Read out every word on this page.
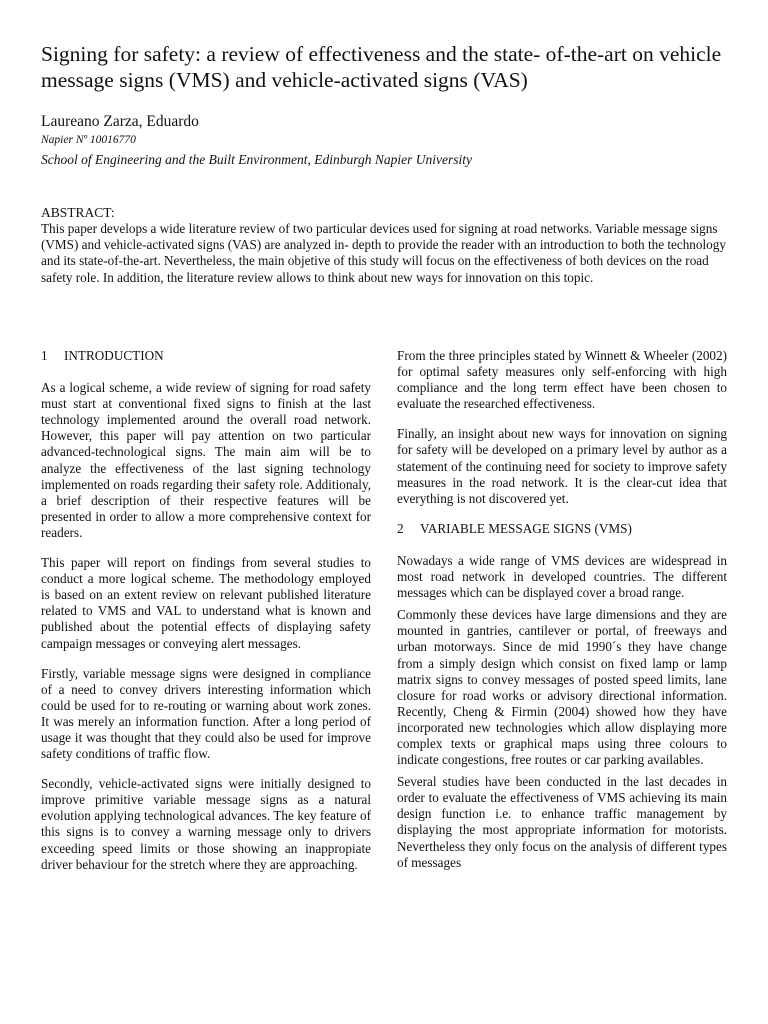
Signing for safety: a review of effectiveness and the state- of-the-art on vehicle message signs (VMS) and vehicle-activated signs (VAS)

Laureano Zarza, Eduardo

Napier Nº 10016770

School of Engineering and the Built Environment, Edinburgh Napier University

ABSTRACT:

This paper develops a wide literature review of two particular devices used for signing at road networks. Variable message signs (VMS) and vehicle-activated signs (VAS) are analyzed in- depth to provide the reader with an introduction to both the technology and its state-of-the-art. Nevertheless, the main objetive of this study will focus on the effectiveness of both devices on the road safety role. In addition, the literature review allows to think about new ways for innovation on this topic.

1 INTRODUCTION

As a logical scheme, a wide review of signing for road safety must start at conventional fixed signs to finish at the last technology implemented around the overall road network. However, this paper will pay attention on two particular advanced-technological signs. The main aim will be to analyze the effectiveness of the last signing technology implemented on roads regarding their safety role. Additionaly, a brief description of their respective features will be presented in order to allow a more comprehensive context for readers.

This paper will report on findings from several studies to conduct a more logical scheme. The methodology employed is based on an extent review on relevant published literature related to VMS and VAL to understand what is known and published about the potential effects of displaying safety campaign messages or conveying alert messages.

Firstly, variable message signs were designed in compliance of a need to convey drivers interesting information which could be used for to re-routing or warning about work zones. It was merely an information function. After a long period of usage it was thought that they could also be used for improve safety conditions of traffic flow.

Secondly, vehicle-activated signs were initially designed to improve primitive variable message signs as a natural evolution applying technological advances. The key feature of this signs is to convey a warning message only to drivers exceeding speed limits or those showing an inappropiate driver behaviour for the stretch where they are approaching.

From the three principles stated by Winnett & Wheeler (2002) for optimal safety measures only self-enforcing with high compliance and the long term effect have been chosen to evaluate the researched effectiveness.

Finally, an insight about new ways for innovation on signing for safety will be developed on a primary level by author as a statement of the continuing need for society to improve safety measures in the road network. It is the clear-cut idea that everything is not discovered yet.

2 VARIABLE MESSAGE SIGNS (VMS)

Nowadays a wide range of VMS devices are widespread in most road network in developed countries. The different messages which can be displayed cover a broad range.

Commonly these devices have large dimensions and they are mounted in gantries, cantilever or portal, of freeways and urban motorways. Since de mid 1990´s they have change from a simply design which consist on fixed lamp or lamp matrix signs to convey messages of posted speed limits, lane closure for road works or advisory directional information. Recently, Cheng & Firmin (2004) showed how they have incorporated new technologies which allow displaying more complex texts or graphical maps using three colours to indicate congestions, free routes or car parking availables.

Several studies have been conducted in the last decades in order to evaluate the effectiveness of VMS achieving its main design function i.e. to enhance traffic management by displaying the most appropriate information for motorists. Nevertheless they only focus on the analysis of different types of messages
